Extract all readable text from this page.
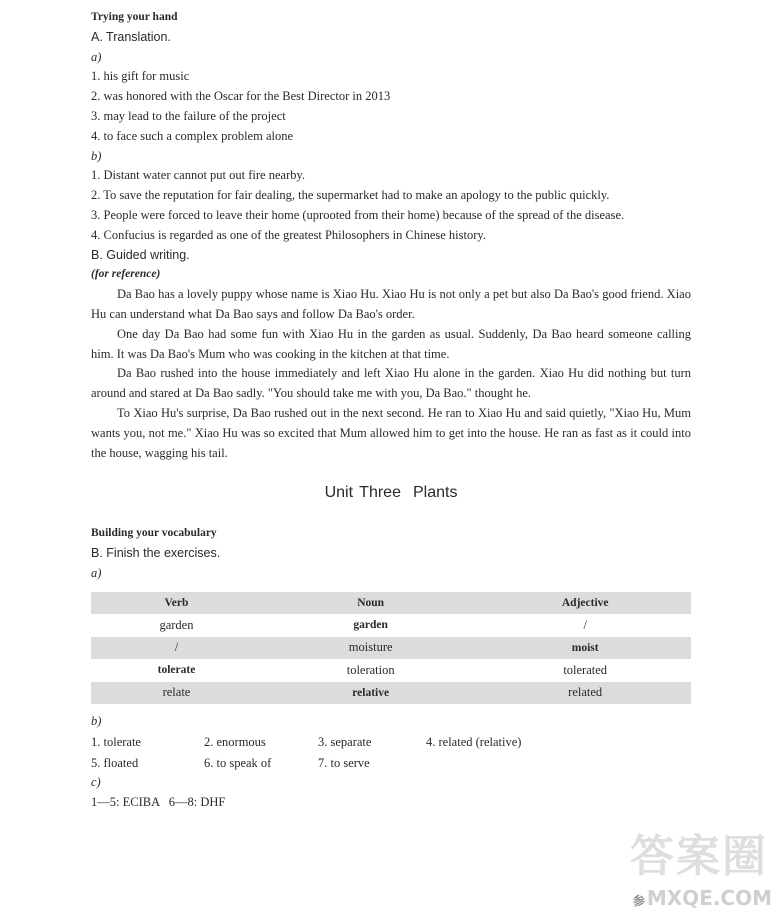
Trying your hand
A. Translation.
a)
1. his gift for music
2. was honored with the Oscar for the Best Director in 2013
3. may lead to the failure of the project
4. to face such a complex problem alone
b)
1. Distant water cannot put out fire nearby.
2. To save the reputation for fair dealing, the supermarket had to make an apology to the public quickly.
3. People were forced to leave their home (uprooted from their home) because of the spread of the disease.
4. Confucius is regarded as one of the greatest Philosophers in Chinese history.
B. Guided writing.
(for reference)

Da Bao has a lovely puppy whose name is Xiao Hu. Xiao Hu is not only a pet but also Da Bao's good friend. Xiao Hu can understand what Da Bao says and follow Da Bao's order.

One day Da Bao had some fun with Xiao Hu in the garden as usual. Suddenly, Da Bao heard someone calling him. It was Da Bao's Mum who was cooking in the kitchen at that time.

Da Bao rushed into the house immediately and left Xiao Hu alone in the garden. Xiao Hu did nothing but turn around and stared at Da Bao sadly. "You should take me with you, Da Bao." thought he.

To Xiao Hu's surprise, Da Bao rushed out in the next second. He ran to Xiao Hu and said quietly, "Xiao Hu, Mum wants you, not me." Xiao Hu was so excited that Mum allowed him to get into the house. He ran as fast as it could into the house, wagging his tail.

Unit Three Plants
Building your vocabulary
B. Finish the exercises.
a)
Verb	Noun	Adjective
garden	garden	/
/	moisture	moist
tolerate	toleration	tolerated
relate	relative	related
b)
1. tolerate	2. enormous	3. separate	4. related (relative)
5. floated	6. to speak of	7. to serve
c)
1—5: ECIBA   6—8: DHF
答案圈
参 MXQE.COM
